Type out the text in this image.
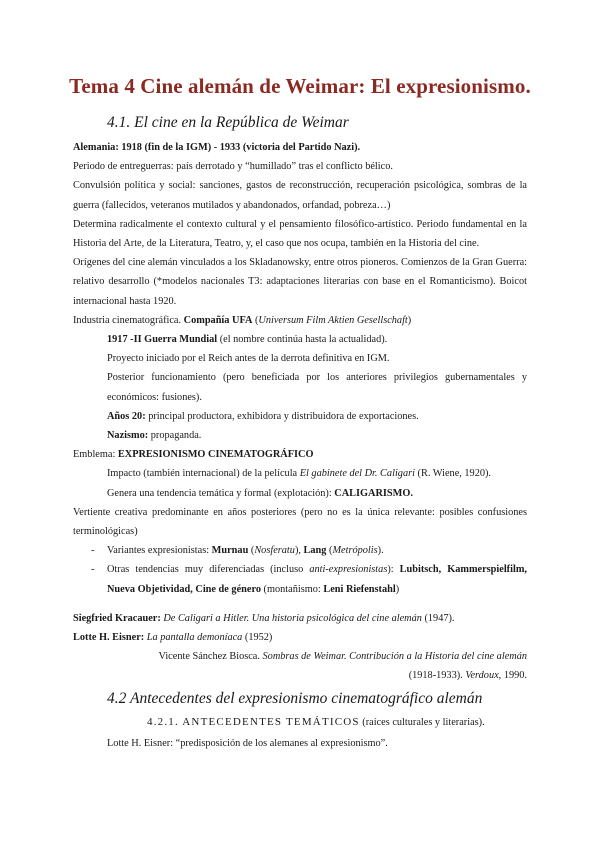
Tema 4 Cine alemán de Weimar: El expresionismo.
4.1. El cine en la República de Weimar

Alemania: 1918 (fin de la IGM) - 1933 (victoria del Partido Nazi).

Periodo de entreguerras: país derrotado y “humillado” tras el conflicto bélico.

Convulsión política y social: sanciones, gastos de reconstrucción, recuperación psicológica, sombras de la guerra (fallecidos, veteranos mutilados y abandonados, orfandad, pobreza…)

Determina radicalmente el contexto cultural y el pensamiento filosófico-artístico. Periodo fundamental en la Historia del Arte, de la Literatura, Teatro, y, el caso que nos ocupa, también en la Historia del cine.

Orígenes del cine alemán vinculados a los Skladanowsky, entre otros pioneros. Comienzos de la Gran Guerra: relativo desarrollo (*modelos nacionales T3: adaptaciones literarias con base en el Romanticismo). Boicot internacional hasta 1920.

Industria cinematográfica. Compañía UFA (Universum Film Aktien Gesellschaft)

1917 -II Guerra Mundial (el nombre continúa hasta la actualidad).

Proyecto iniciado por el Reich antes de la derrota definitiva en IGM.

Posterior funcionamiento (pero beneficiada por los anteriores privilegios gubernamentales y económicos: fusiones).

Años 20: principal productora, exhibidora y distribuidora de exportaciones.

Nazismo: propaganda.

Emblema: EXPRESIONISMO CINEMATOGRÁFICO

Impacto (también internacional) de la película El gabinete del Dr. Caligari (R. Wiene, 1920).

Genera una tendencia temática y formal (explotación): CALIGARISMO.

Vertiente creativa predominante en años posteriores (pero no es la única relevante: posibles confusiones terminológicas)

-	Variantes expresionistas: Murnau (Nosferatu), Lang (Metrópolis).
-	Otras tendencias muy diferenciadas (incluso anti-expresionistas): Lubitsch, Kammerspielfilm, Nueva Objetividad, Cine de género (montañismo: Leni Riefenstahl)

Siegfried Kracauer: De Caligari a Hitler. Una historia psicológica del cine alemán (1947).

Lotte H. Eisner: La pantalla demoníaca (1952)

Vicente Sánchez Biosca. Sombras de Weimar. Contribución a la Historia del cine alemán (1918-1933). Verdoux, 1990.

4.2 Antecedentes del expresionismo cinematográfico alemán

4.2.1. ANTECEDENTES TEMÁTICOS (raíces culturales y literarias).

Lotte H. Eisner: “predisposición de los alemanes al expresionismo”.
